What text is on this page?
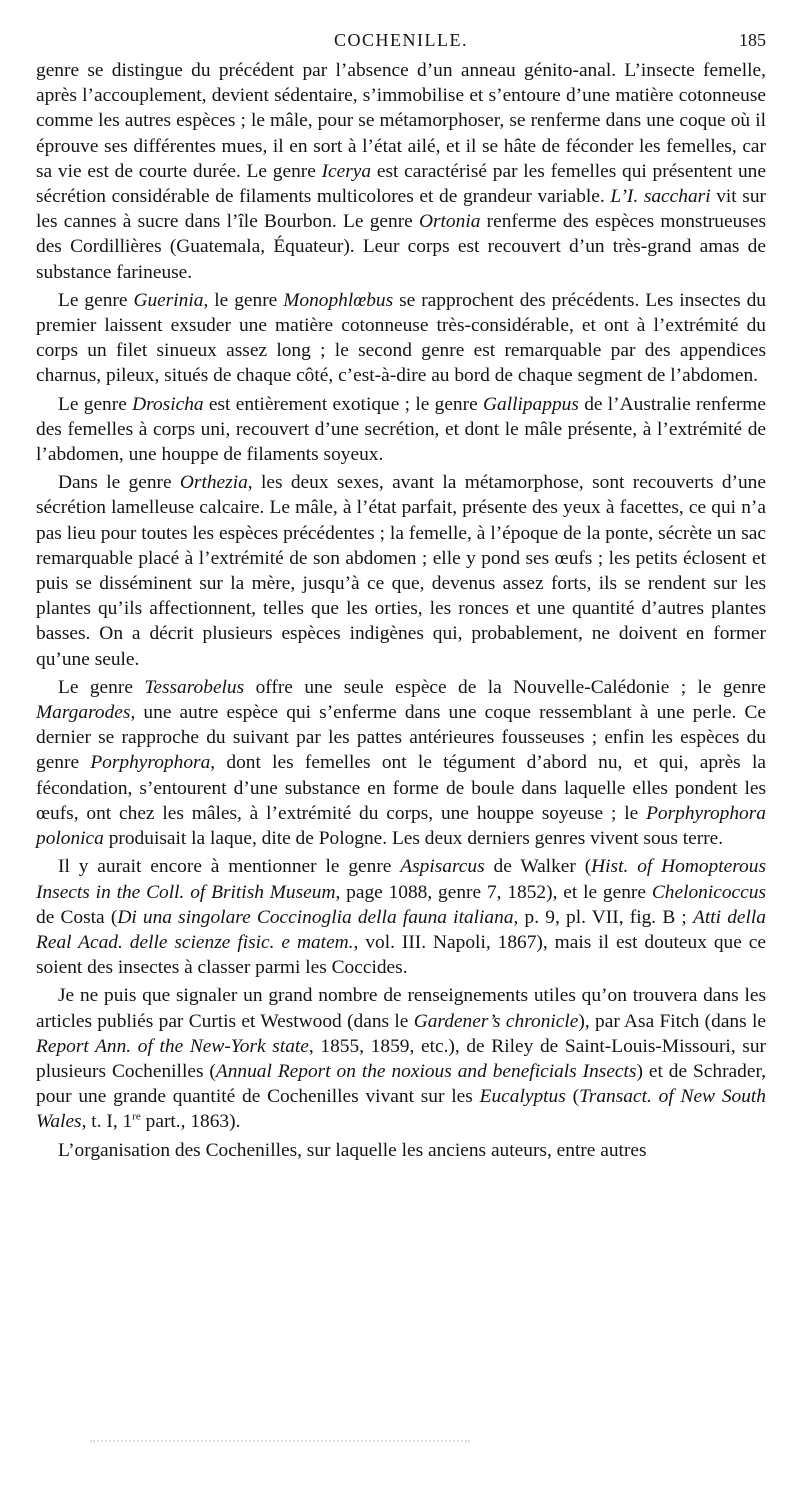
COCHENILLE.	185

genre se distingue du précédent par l’absence d’un anneau génito-anal. L’insecte femelle, après l’accouplement, devient sédentaire, s’immobilise et s’entoure d’une matière cotonneuse comme les autres espèces ; le mâle, pour se métamorphoser, se renferme dans une coque où il éprouve ses différentes mues, il en sort à l’état ailé, et il se hâte de féconder les femelles, car sa vie est de courte durée. Le genre Icerya est caractérisé par les femelles qui présentent une sécrétion considérable de filaments multicolores et de grandeur variable. L’I. sacchari vit sur les cannes à sucre dans l’île Bourbon. Le genre Ortonia renferme des espèces monstrueuses des Cordillières (Guatemala, Équateur). Leur corps est recouvert d’un très-grand amas de substance farineuse.

Le genre Guerinia, le genre Monophlœbus se rapprochent des précédents. Les insectes du premier laissent exsuder une matière cotonneuse très-considérable, et ont à l’extrémité du corps un filet sinueux assez long ; le second genre est remarquable par des appendices charnus, pileux, situés de chaque côté, c’est-à-dire au bord de chaque segment de l’abdomen.

Le genre Drosicha est entièrement exotique ; le genre Gallipappus de l’Australie renferme des femelles à corps uni, recouvert d’une secrétion, et dont le mâle présente, à l’extrémité de l’abdomen, une houppe de filaments soyeux.

Dans le genre Orthezia, les deux sexes, avant la métamorphose, sont recouverts d’une sécrétion lamelleuse calcaire. Le mâle, à l’état parfait, présente des yeux à facettes, ce qui n’a pas lieu pour toutes les espèces précédentes ; la femelle, à l’époque de la ponte, sécrète un sac remarquable placé à l’extrémité de son abdomen ; elle y pond ses œufs ; les petits éclosent et puis se disséminent sur la mère, jusqu’à ce que, devenus assez forts, ils se rendent sur les plantes qu’ils affectionnent, telles que les orties, les ronces et une quantité d’autres plantes basses. On a décrit plusieurs espèces indigènes qui, probablement, ne doivent en former qu’une seule.

Le genre Tessarobelus offre une seule espèce de la Nouvelle-Calédonie ; le genre Margarodes, une autre espèce qui s’enferme dans une coque ressemblant à une perle. Ce dernier se rapproche du suivant par les pattes antérieures fousseuses ; enfin les espèces du genre Porphyrophora, dont les femelles ont le tégument d’abord nu, et qui, après la fécondation, s’entourent d’une substance en forme de boule dans laquelle elles pondent les œufs, ont chez les mâles, à l’extrémité du corps, une houppe soyeuse ; le Porphyrophora polonica produisait la laque, dite de Pologne. Les deux derniers genres vivent sous terre.

Il y aurait encore à mentionner le genre Aspisarcus de Walker (Hist. of Homopterous Insects in the Coll. of British Museum, page 1088, genre 7, 1852), et le genre Chelonicoccus de Costa (Di una singolare Coccinoglia della fauna italiana, p. 9, pl. VII, fig. B ; Atti della Real Acad. delle scienze fisic. e matem., vol. III. Napoli, 1867), mais il est douteux que ce soient des insectes à classer parmi les Coccides.

Je ne puis que signaler un grand nombre de renseignements utiles qu’on trouvera dans les articles publiés par Curtis et Westwood (dans le Gardener’s chronicle), par Asa Fitch (dans le Report Ann. of the New-York state, 1855, 1859, etc.), de Riley de Saint-Louis-Missouri, sur plusieurs Cochenilles (Annual Report on the noxious and beneficials Insects) et de Schrader, pour une grande quantité de Cochenilles vivant sur les Eucalyptus (Transact. of New South Wales, t. I, 1re part., 1863).

L’organisation des Cochenilles, sur laquelle les anciens auteurs, entre autres
